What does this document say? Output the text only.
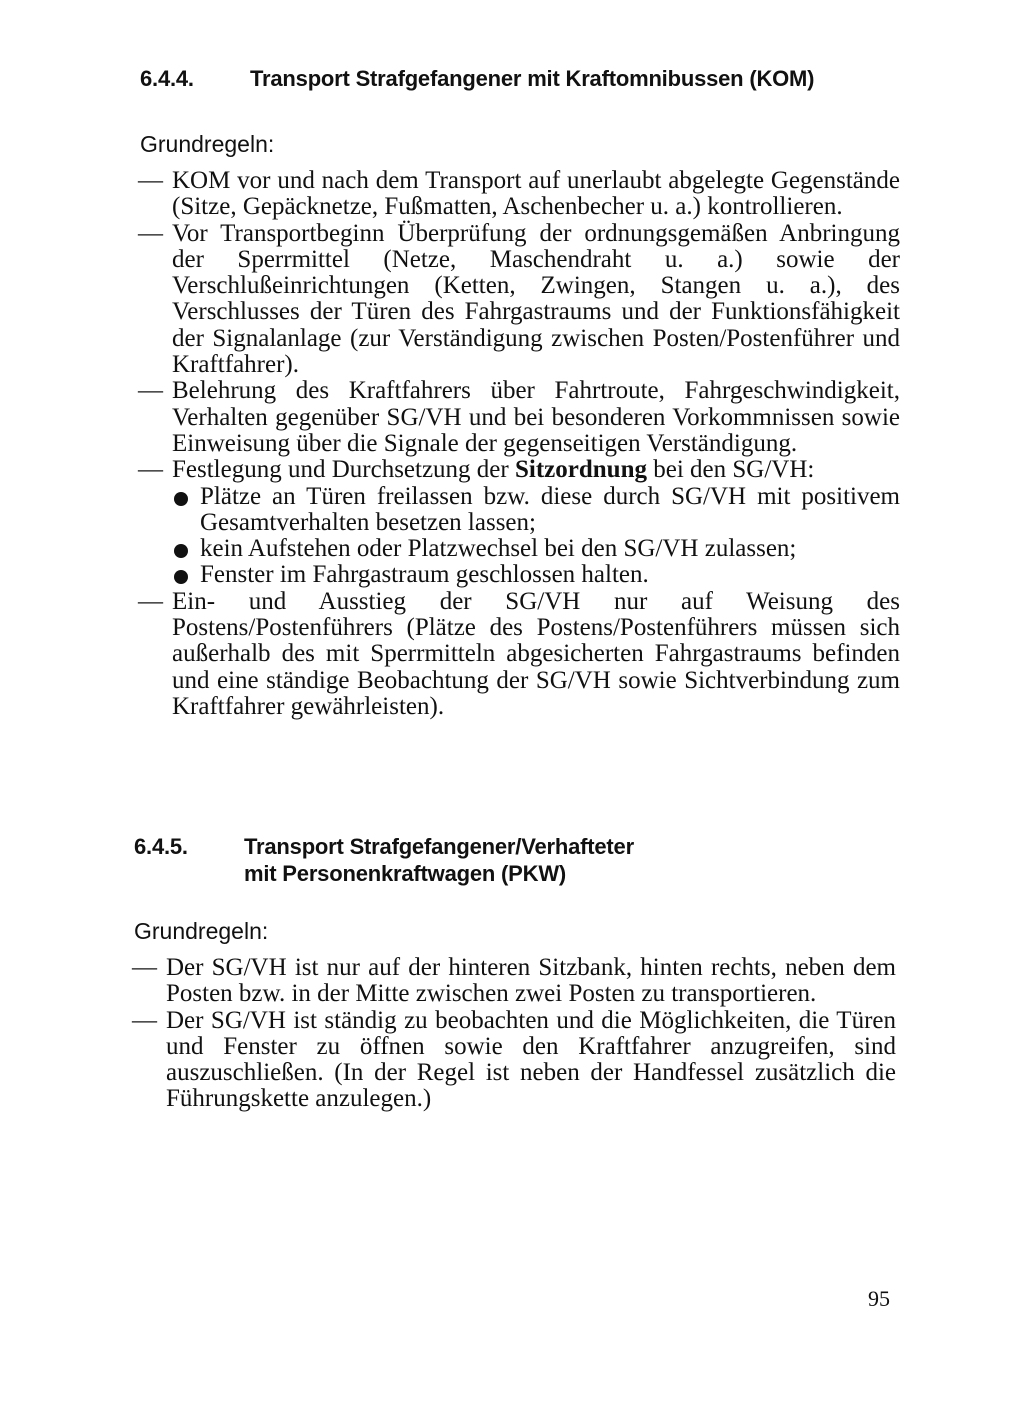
6.4.4.	Transport Strafgefangener mit Kraftomnibussen (KOM)
Grundregeln:
— KOM vor und nach dem Transport auf unerlaubt abgelegte Gegenstände (Sitze, Gepäcknetze, Fußmatten, Aschenbecher u. a.) kontrollieren.
— Vor Transportbeginn Überprüfung der ordnungsgemäßen Anbringung der Sperrmittel (Netze, Maschendraht u. a.) sowie der Verschlußeinrichtungen (Ketten, Zwingen, Stangen u. a.), des Verschlusses der Türen des Fahrgastraums und der Funktionsfähigkeit der Signalanlage (zur Verständigung zwischen Posten/Postenführer und Kraftfahrer).
— Belehrung des Kraftfahrers über Fahrtroute, Fahrgeschwindigkeit, Verhalten gegenüber SG/VH und bei besonderen Vorkommnissen sowie Einweisung über die Signale der gegenseitigen Verständigung.
— Festlegung und Durchsetzung der Sitzordnung bei den SG/VH:
Plätze an Türen freilassen bzw. diese durch SG/VH mit positivem Gesamtverhalten besetzen lassen;
kein Aufstehen oder Platzwechsel bei den SG/VH zulassen;
Fenster im Fahrgastraum geschlossen halten.
— Ein- und Ausstieg der SG/VH nur auf Weisung des Postens/Postenführers (Plätze des Postens/Postenführers müssen sich außerhalb des mit Sperrmitteln abgesicherten Fahrgastraums befinden und eine ständige Beobachtung der SG/VH sowie Sichtverbindung zum Kraftfahrer gewährleisten).
6.4.5.	Transport Strafgefangener/Verhafteter
mit Personenkraftwagen (PKW)
Grundregeln:
— Der SG/VH ist nur auf der hinteren Sitzbank, hinten rechts, neben dem Posten bzw. in der Mitte zwischen zwei Posten zu transportieren.
— Der SG/VH ist ständig zu beobachten und die Möglichkeiten, die Türen und Fenster zu öffnen sowie den Kraftfahrer anzugreifen, sind auszuschließen. (In der Regel ist neben der Handfessel zusätzlich die Führungskette anzulegen.)
95
